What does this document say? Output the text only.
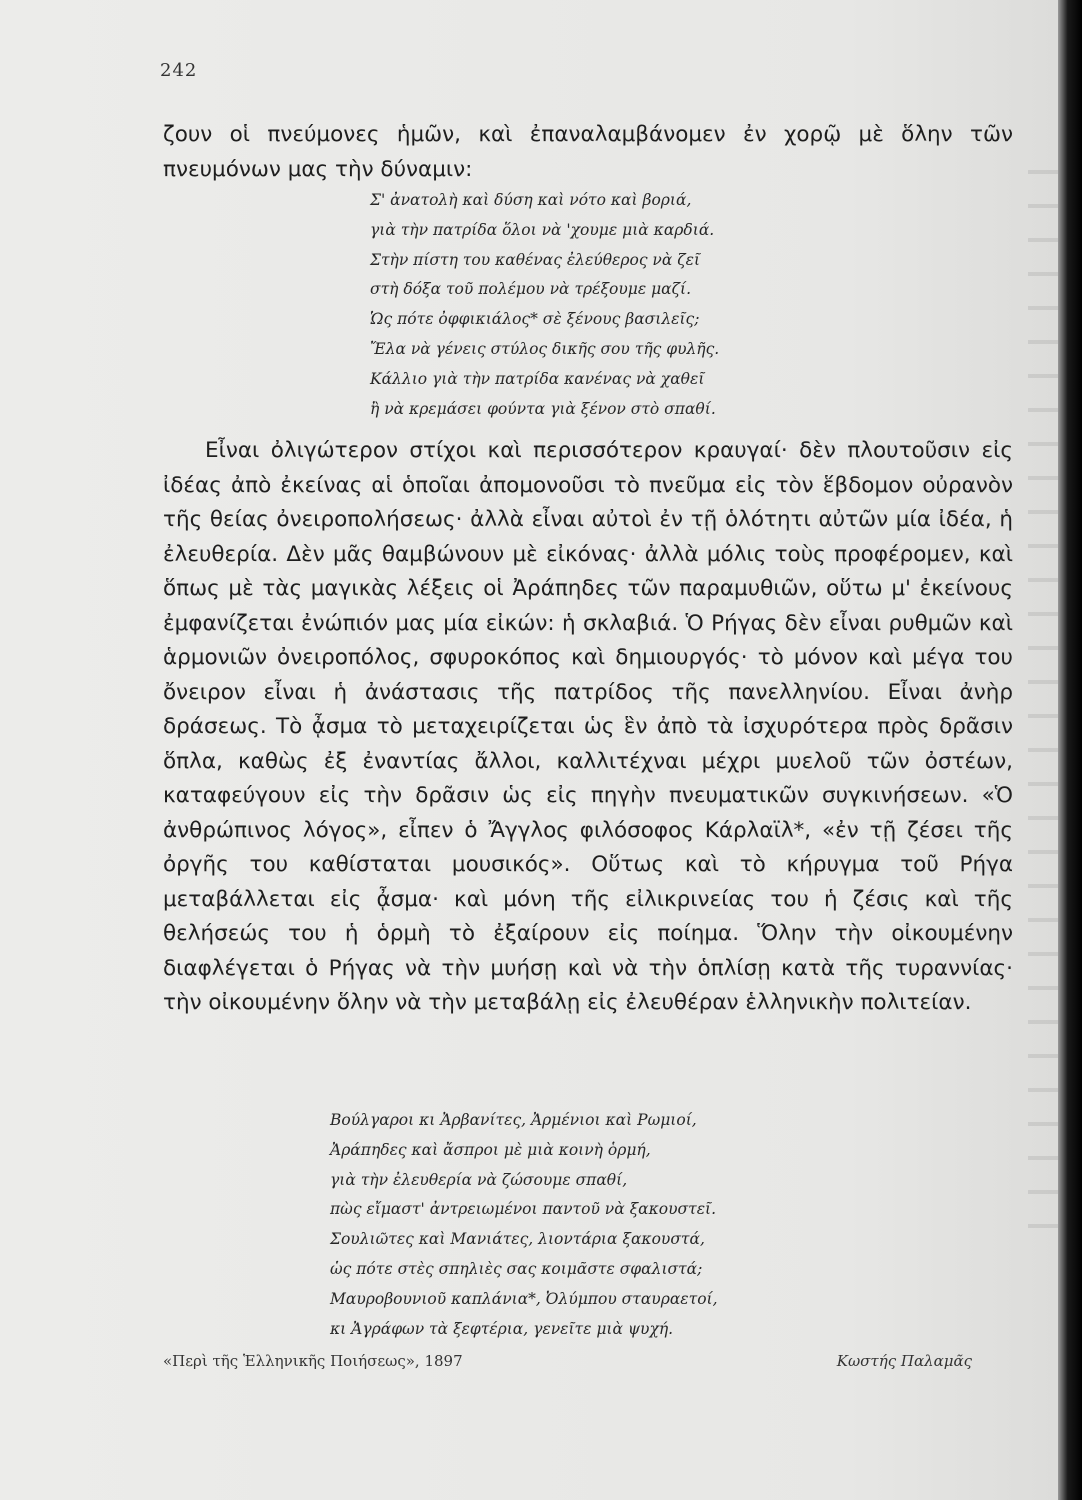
242
ζουν οἱ πνεύμονες ἡμῶν, καὶ ἐπαναλαμβάνομεν ἐν χορῷ μὲ ὅλην τῶν πνευμόνων μας τὴν δύναμιν:
Σ' ἀνατολὴ καὶ δύση καὶ νότο καὶ βοριά,
γιὰ τὴν πατρίδα ὅλοι νὰ 'χουμε μιὰ καρδιά.
Στὴν πίστη του καθένας ἐλεύθερος νὰ ζεῖ
στὴ δόξα τοῦ πολέμου νὰ τρέξουμε μαζί.
Ὡς πότε ὀφφικιάλος* σὲ ξένους βασιλεῖς;
Ἔλα νὰ γένεις στύλος δικῆς σου τῆς φυλῆς.
Κάλλιο γιὰ τὴν πατρίδα κανένας νὰ χαθεῖ
ἢ νὰ κρεμάσει φούντα γιὰ ξένον στὸ σπαθί.
Εἶναι ὀλιγώτερον στίχοι καὶ περισσότερον κραυγαί· δὲν πλουτοῦσιν εἰς ἰδέας ἀπὸ ἐκείνας αἱ ὁποῖαι ἀπομονοῦσι τὸ πνεῦμα εἰς τὸν ἕβδομον οὐρανὸν τῆς θείας ὀνειροπολήσεως· ἀλλὰ εἶναι αὐτοὶ ἐν τῇ ὁλότητι αὐτῶν μία ἰδέα, ἡ ἐλευθερία. Δὲν μᾶς θαμβώνουν μὲ εἰκόνας· ἀλλὰ μόλις τοὺς προφέρομεν, καὶ ὅπως μὲ τὰς μαγικὰς λέξεις οἱ Ἀράπηδες τῶν παραμυθιῶν, οὕτω μ' ἐκείνους ἐμφανίζεται ἐνώπιόν μας μία εἰκών: ἡ σκλαβιά. Ὁ Ρήγας δὲν εἶναι ρυθμῶν καὶ ἁρμονιῶν ὀνειροπόλος, σφυροκόπος καὶ δημιουργός· τὸ μόνον καὶ μέγα του ὄνειρον εἶναι ἡ ἀνάστασις τῆς πατρίδος τῆς πανελληνίου. Εἶναι ἀνὴρ δράσεως. Τὸ ᾆσμα τὸ μεταχειρίζεται ὡς ἓν ἀπὸ τὰ ἰσχυρότερα πρὸς δρᾶσιν ὅπλα, καθὼς ἐξ ἐναντίας ἄλλοι, καλλιτέχναι μέχρι μυελοῦ τῶν ὀστέων, καταφεύγουν εἰς τὴν δρᾶσιν ὡς εἰς πηγὴν πνευματικῶν συγκινήσεων. «Ὁ ἀνθρώπινος λόγος», εἶπεν ὁ Ἄγγλος φιλόσοφος Κάρλαϊλ*, «ἐν τῇ ζέσει τῆς ὀργῆς του καθίσταται μουσικός». Οὕτως καὶ τὸ κήρυγμα τοῦ Ρήγα μεταβάλλεται εἰς ᾆσμα· καὶ μόνη τῆς εἰλικρινείας του ἡ ζέσις καὶ τῆς θελήσεώς του ἡ ὁρμὴ τὸ ἐξαίρουν εἰς ποίημα. Ὅλην τὴν οἰκουμένην διαφλέγεται ὁ Ρήγας νὰ τὴν μυήσῃ καὶ νὰ τὴν ὁπλίσῃ κατὰ τῆς τυραννίας· τὴν οἰκουμένην ὅλην νὰ τὴν μεταβάλῃ εἰς ἐλευθέραν ἑλληνικὴν πολιτείαν.
Βούλγαροι κι Ἀρβανίτες, Ἀρμένιοι καὶ Ρωμιοί,
Ἀράπηδες καὶ ἄσπροι μὲ μιὰ κοινὴ ὁρμή,
γιὰ τὴν ἐλευθερία νὰ ζώσουμε σπαθί,
πὼς εἴμαστ' ἀντρειωμένοι παντοῦ νὰ ξακουστεῖ.
Σουλιῶτες καὶ Μανιάτες, λιοντάρια ξακουστά,
ὡς πότε στὲς σπηλιὲς σας κοιμᾶστε σφαλιστά;
Μαυροβουνιοῦ καπλάνια*, Ὀλύμπου σταυραετοί,
κι Ἀγράφων τὰ ξεφτέρια, γενεῖτε μιὰ ψυχή.
«Περὶ τῆς Ἑλληνικῆς Ποιήσεως», 1897	Κωστής Παλαμᾶς
